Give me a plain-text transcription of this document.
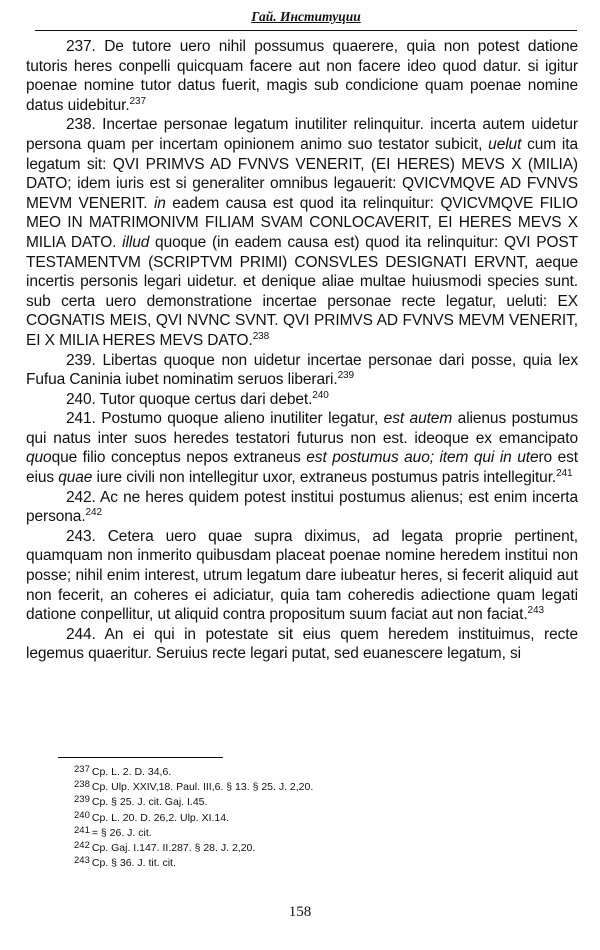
Гай. Институции

237. De tutore uero nihil possumus quaerere, quia non potest datione tutoris heres conpelli quicquam facere aut non facere ideo quod datur. si igitur poenae nomine tutor datus fuerit, magis sub condicione quam poenae nomine datus uidebitur.$^{237}$

238. Incertae personae legatum inutiliter relinquitur. incerta autem uidetur persona quam per incertam opinionem animo suo testator subicit, uelut cum ita legatum sit: QVI PRIMVS AD FVNVS VENERIT, (EI HERES) MEVS X (MILIA) DATO; idem iuris est si generaliter omnibus legauerit: QVICVMQVE AD FVNVS MEVM VENERIT. in eadem causa est quod ita relinquitur: QVICVMQVE FILIO MEO IN MATRIMONIVM FILIAM SVAM CONLOCAVERIT, EI HERES MEVS X MILIA DATO. illud quoque (in eadem causa est) quod ita relinquitur: QVI POST TESTAMENTVM (SCRIPTVM PRIMI) CONSVLES DESIGNATI ERVNT, aeque incertis personis legari uidetur. et denique aliae multae huiusmodi species sunt. sub certa uero demonstratione incertae personae recte legatur, ueluti: EX COGNATIS MEIS, QVI NVNC SVNT. QVI PRIMVS AD FVNVS MEVM VENERIT, EI X MILIA HERES MEVS DATO.$^{238}$

239. Libertas quoque non uidetur incertae personae dari posse, quia lex Fufua Caninia iubet nominatim seruos liberari.$^{239}$

240. Tutor quoque certus dari debet.$^{240}$

241. Postumo quoque alieno inutiliter legatur, est autem alienus postumus qui natus inter suos heredes testatori futurus non est. ideoque ex emancipato quoque filio conceptus nepos extraneus est postumus auo; item qui in utero est eius quae iure civili non intellegitur uxor, extraneus postumus patris intellegitur.$^{241}$

242. Ac ne heres quidem potest institui postumus alienus; est enim incerta persona.$^{242}$

243. Cetera uero quae supra diximus, ad legata proprie pertinent, quamquam non inmerito quibusdam placeat poenae nomine heredem institui non posse; nihil enim interest, utrum legatum dare iubeatur heres, si fecerit aliquid aut non fecerit, an coheres ei adiciatur, quia tam coheredis adiectione quam legati datione conpellitur, ut aliquid contra propositum suum faciat aut non faciat.$^{243}$

244. An ei qui in potestate sit eius quem heredem instituimus, recte legemus quaeritur. Seruius recte legari putat, sed euanescere legatum, si

$^{237}$ Cp. L. 2. D. 34,6.
$^{238}$ Cp. Ulp. XXIV,18. Paul. III,6. § 13. § 25. J. 2,20.
$^{239}$ Cp. § 25. J. cit. Gaj. I.45.
$^{240}$ Cp. L. 20. D. 26,2. Ulp. XI.14.
$^{241}$ = § 26. J. cit.
$^{242}$ Cp. Gaj. I.147. II.287. § 28. J. 2,20.
$^{243}$ Cp. § 36. J. tit. cit.
158
